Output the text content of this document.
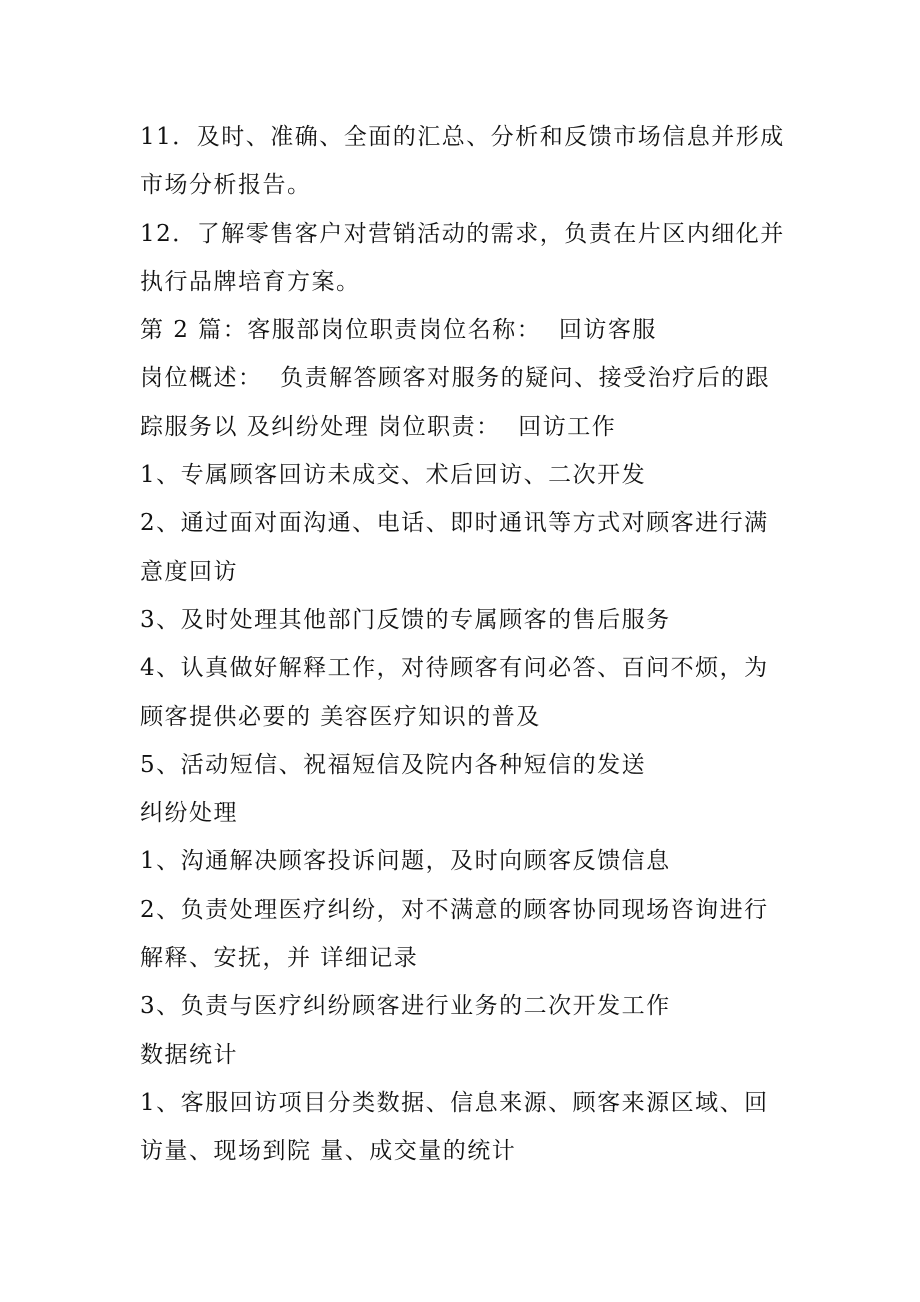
11．及时、准确、全面的汇总、分析和反馈市场信息并形成
市场分析报告。
12．了解零售客户对营销活动的需求，负责在片区内细化并
执行品牌培育方案。
第 2 篇：客服部岗位职责岗位名称：  回访客服
岗位概述：  负责解答顾客对服务的疑问、接受治疗后的跟
踪服务以 及纠纷处理 岗位职责：  回访工作
1、专属顾客回访未成交、术后回访、二次开发
2、通过面对面沟通、电话、即时通讯等方式对顾客进行满
意度回访
3、及时处理其他部门反馈的专属顾客的售后服务
4、认真做好解释工作，对待顾客有问必答、百问不烦，为
顾客提供必要的 美容医疗知识的普及
5、活动短信、祝福短信及院内各种短信的发送
纠纷处理
1、沟通解决顾客投诉问题，及时向顾客反馈信息
2、负责处理医疗纠纷，对不满意的顾客协同现场咨询进行
解释、安抚，并 详细记录
3、负责与医疗纠纷顾客进行业务的二次开发工作
数据统计
1、客服回访项目分类数据、信息来源、顾客来源区域、回
访量、现场到院 量、成交量的统计
